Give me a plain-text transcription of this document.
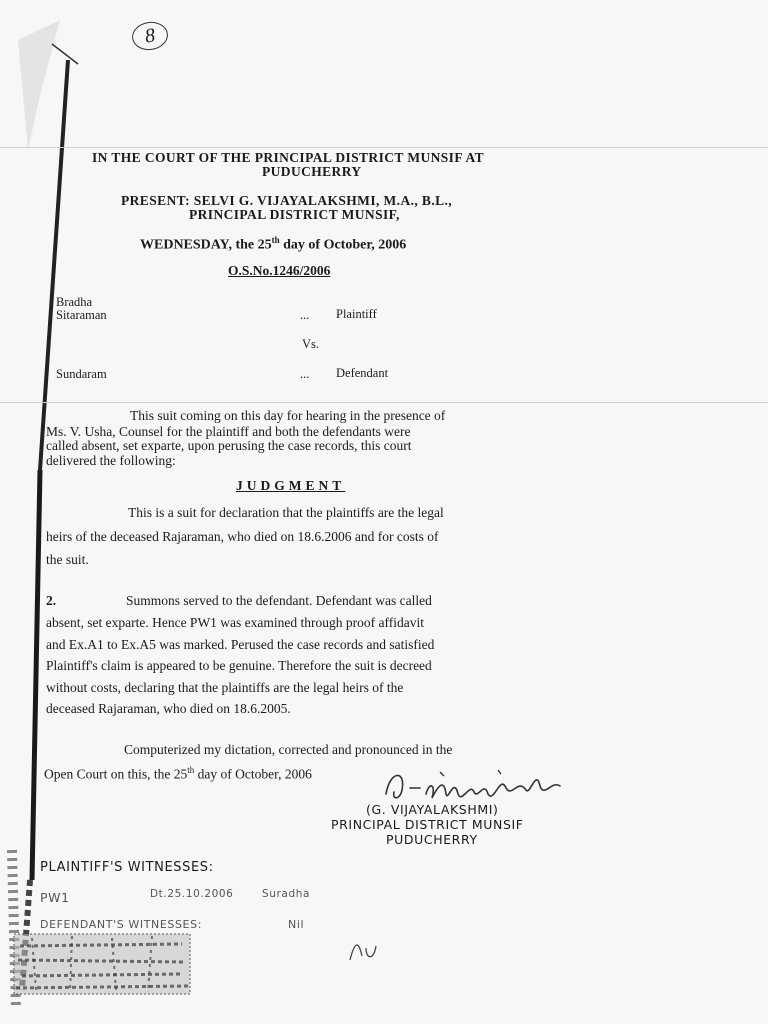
8
IN THE COURT OF THE PRINCIPAL DISTRICT MUNSIF AT
PUDUCHERRY
PRESENT: SELVI G. VIJAYALAKSHMI, M.A., B.L.,
PRINCIPAL DISTRICT MUNSIF,
WEDNESDAY, the 25th day of October, 2006
O.S.No.1246/2006
Bradha
Sitaraman	... Plaintiff
Vs.
Sundaram	... Defendant
This suit coming on this day for hearing in the presence of
Ms. V. Usha, Counsel for the plaintiff and both the defendants were
called absent, set exparte, upon perusing the case records, this court
delivered the following:
JUDGMENT
This is a suit for declaration that the plaintiffs are the legal
heirs of the deceased Rajaraman, who died on 18.6.2006 and for costs of
the suit.
2.	Summons served to the defendant. Defendant was called
absent, set exparte. Hence PW1 was examined through proof affidavit
and Ex.A1 to Ex.A5 was marked. Perused the case records and satisfied
Plaintiff's claim is appeared to be genuine. Therefore the suit is decreed
without costs, declaring that the plaintiffs are the legal heirs of the
deceased Rajaraman, who died on 18.6.2005.
Computerized my dictation, corrected and pronounced in the
Open Court on this, the 25th day of October, 2006
(G. VIJAYALAKSHMI)
PRINCIPAL DISTRICT MUNSIF
PUDUCHERRY
PLAINTIFF'S WITNESSES:
PW1	Dt.25.10.2006	Suradha
DEFENDANT'S WITNESSES:	Nil
